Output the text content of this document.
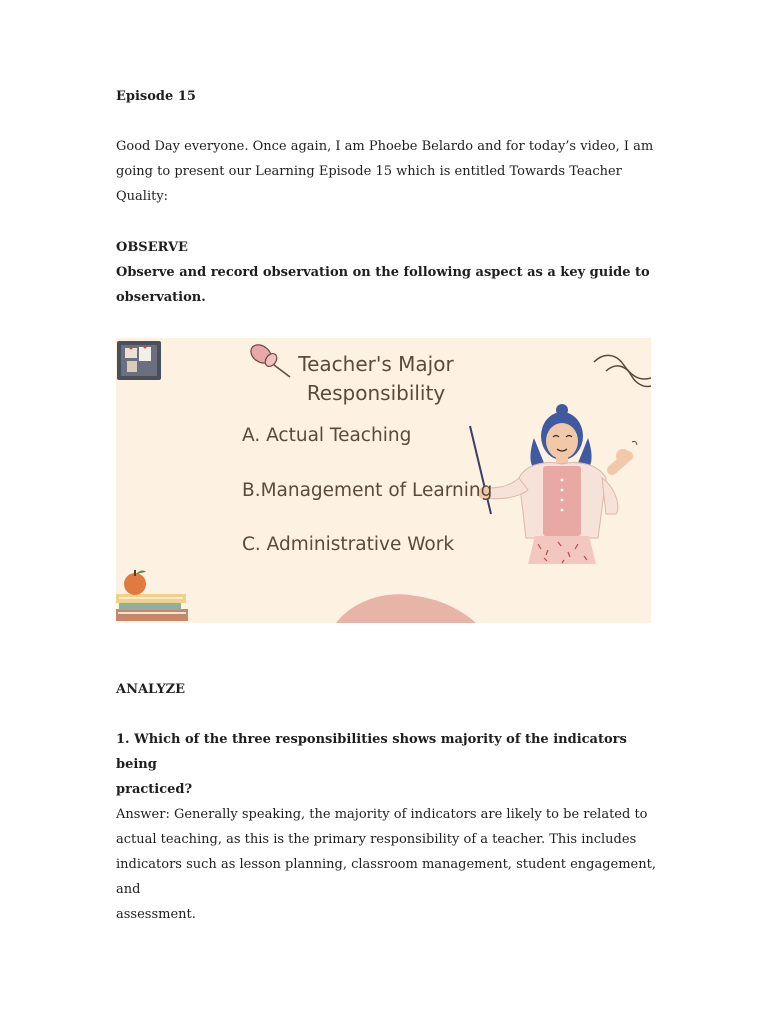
Episode 15

Good Day everyone. Once again, I am Phoebe Belardo and for today’s video, I am
going to present our Learning Episode 15 which is entitled Towards Teacher Quality:

OBSERVE

Observe and record observation on the following aspect as a key guide to
observation.

Teacher's Major
Responsibility
A. Actual Teaching
B.Management of Learning
C. Administrative Work

ANALYZE

1. Which of the three responsibilities shows majority of the indicators being
practiced?

Answer: Generally speaking, the majority of indicators are likely to be related to
actual teaching, as this is the primary responsibility of a teacher. This includes
indicators such as lesson planning, classroom management, student engagement, and
assessment.
